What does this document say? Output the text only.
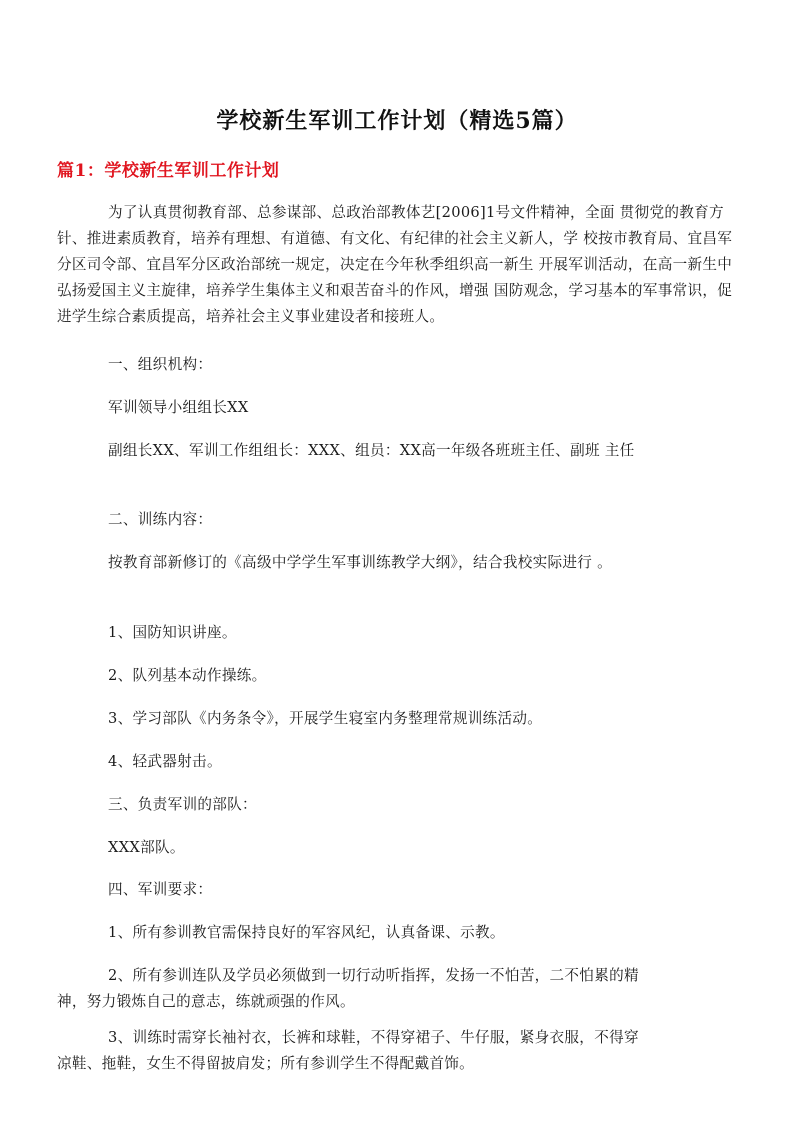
学校新生军训工作计划（精选5篇）
篇1：学校新生军训工作计划
为了认真贯彻教育部、总参谋部、总政治部教体艺[2006]1号文件精神，全面 贯彻党的教育方针、推进素质教育，培养有理想、有道德、有文化、有纪律的社会主义新人，学 校按市教育局、宜昌军分区司令部、宜昌军分区政治部统一规定，决定在今年秋季组织高一新生 开展军训活动，在高一新生中弘扬爱国主义主旋律，培养学生集体主义和艰苦奋斗的作风，增强 国防观念，学习基本的军事常识，促进学生综合素质提高，培养社会主义事业建设者和接班人。
一、组织机构：
军训领导小组组长XX
副组长XX、军训工作组组长：XXX、组员：XX高一年级各班班主任、副班 主任
二、训练内容：
按教育部新修订的《高级中学学生军事训练教学大纲》，结合我校实际进行 。
1、国防知识讲座。
2、队列基本动作操练。
3、学习部队《内务条令》，开展学生寝室内务整理常规训练活动。
4、轻武器射击。
三、负责军训的部队：
XXX部队。
四、军训要求：
1、所有参训教官需保持良好的军容风纪，认真备课、示教。
2、所有参训连队及学员必须做到一切行动听指挥，发扬一不怕苦，二不怕累的精神，努力锻炼自己的意志，练就顽强的作风。
3、训练时需穿长袖衬衣，长裤和球鞋，不得穿裙子、牛仔服，紧身衣服，不得穿凉鞋、拖鞋，女生不得留披肩发；所有参训学生不得配戴首饰。
